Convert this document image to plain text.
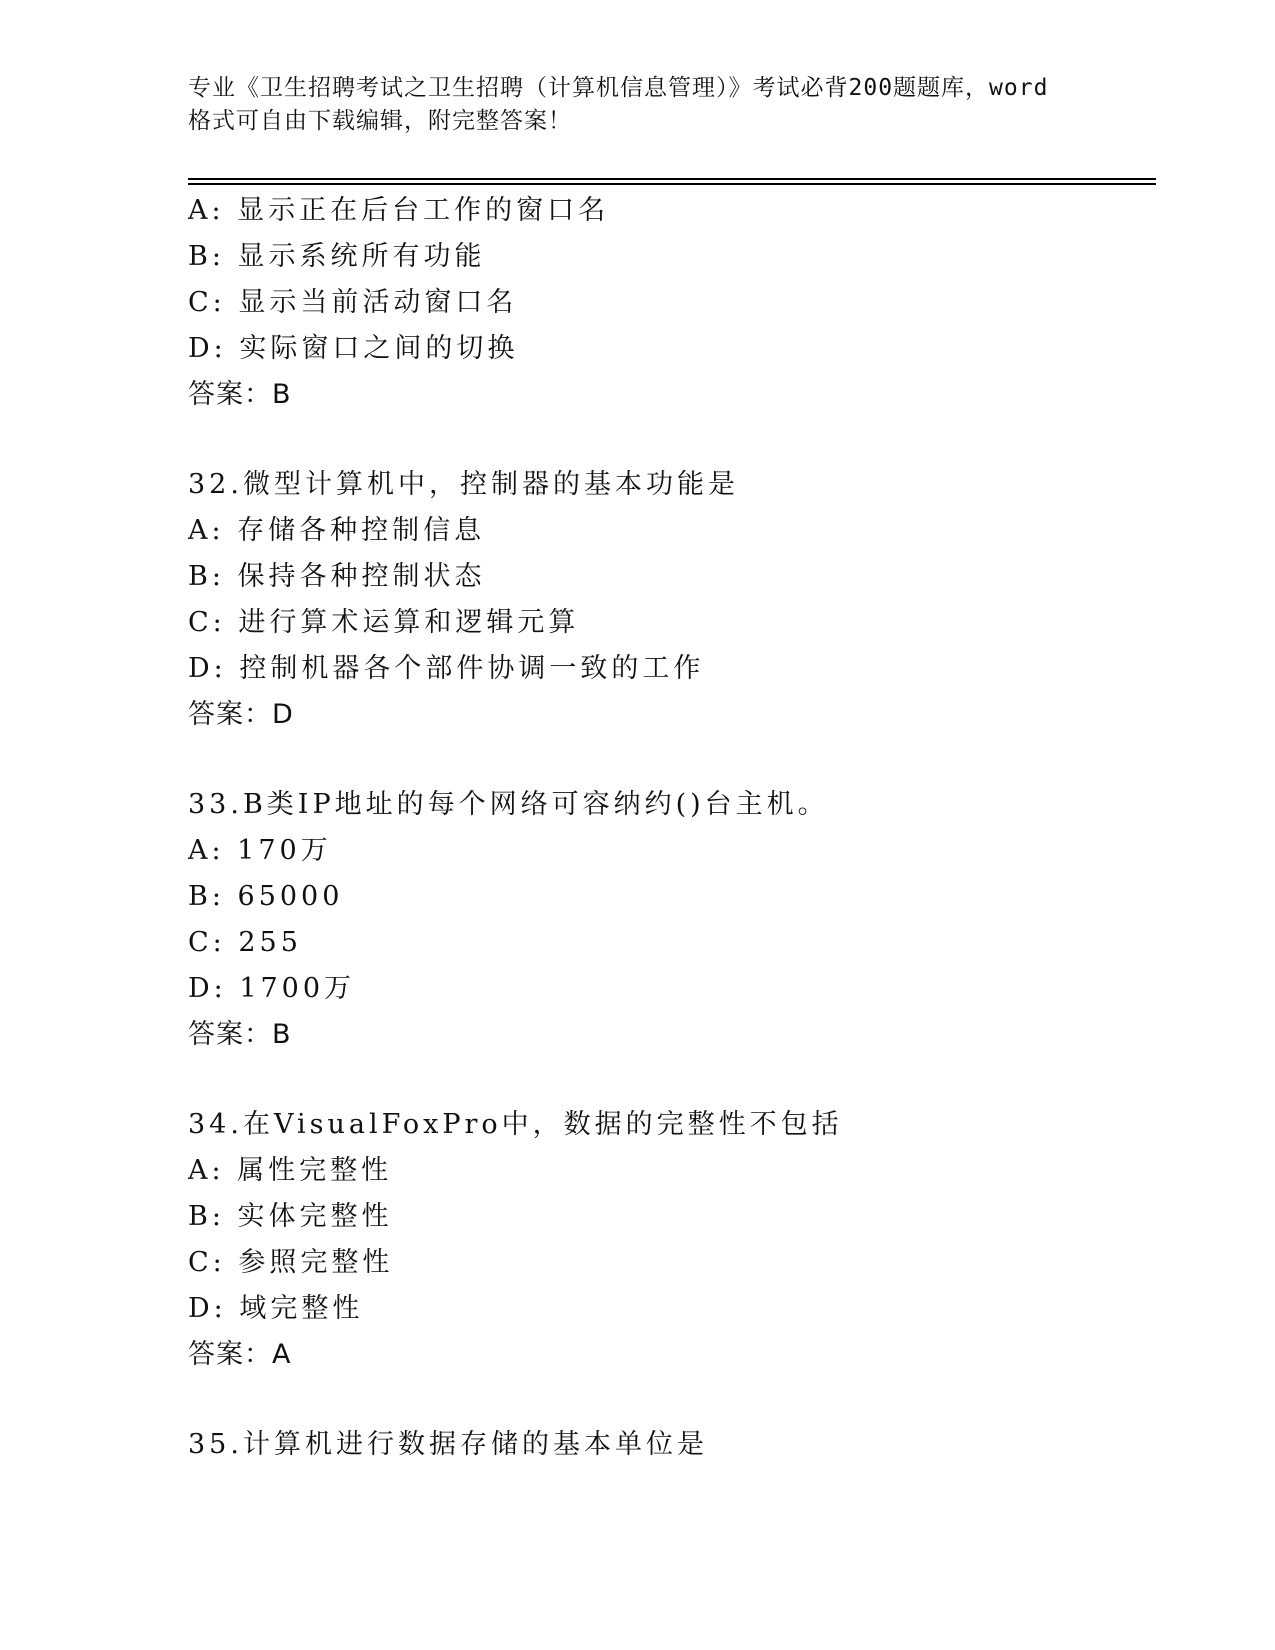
专业《卫生招聘考试之卫生招聘（计算机信息管理）》考试必背200题题库，word
格式可自由下载编辑，附完整答案！
A: 显示正在后台工作的窗口名
B: 显示系统所有功能
C: 显示当前活动窗口名
D: 实际窗口之间的切换
答案：B
32.微型计算机中，控制器的基本功能是
A: 存储各种控制信息
B: 保持各种控制状态
C: 进行算术运算和逻辑元算
D: 控制机器各个部件协调一致的工作
答案：D
33.B类IP地址的每个网络可容纳约()台主机。
A: 170万
B: 65000
C: 255
D: 1700万
答案：B
34.在VisualFoxPro中，数据的完整性不包括
A: 属性完整性
B: 实体完整性
C: 参照完整性
D: 域完整性
答案：A
35.计算机进行数据存储的基本单位是
